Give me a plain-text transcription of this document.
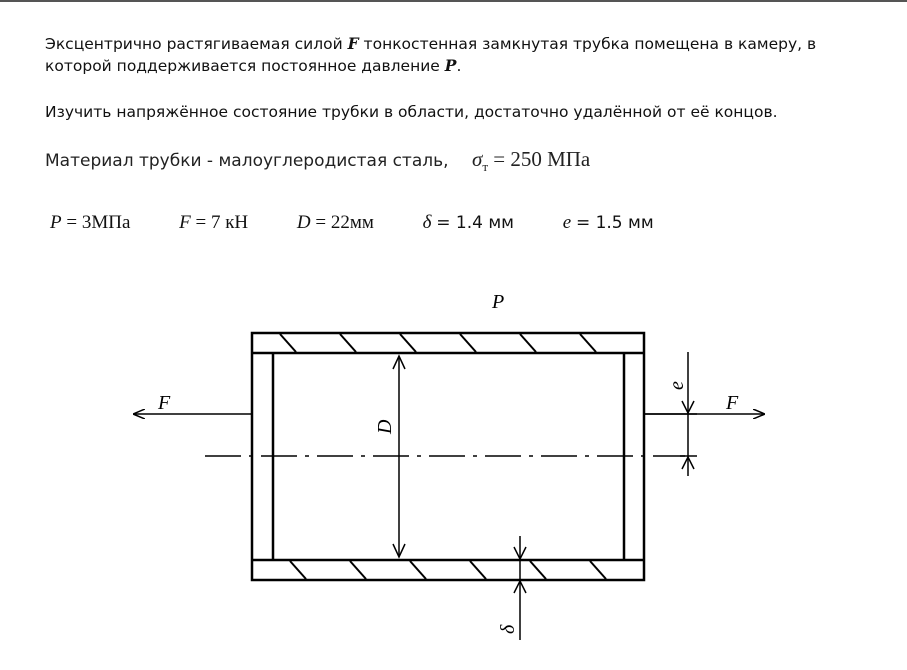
Эксцентрично растягиваемая силой F тонкостенная замкнутая трубка помещена в камеру, в которой поддерживается постоянное давление P.

Изучить напряжённое состояние трубки в области, достаточно удалённой от её концов.

Материал трубки - малоуглеродистая сталь, $\sigma_т = 250$ МПа
P = 3МПа	F = 7 кН	D = 22мм	δ = 1.4 мм	e = 1.5 мм
F	F
P
D
e
δ
